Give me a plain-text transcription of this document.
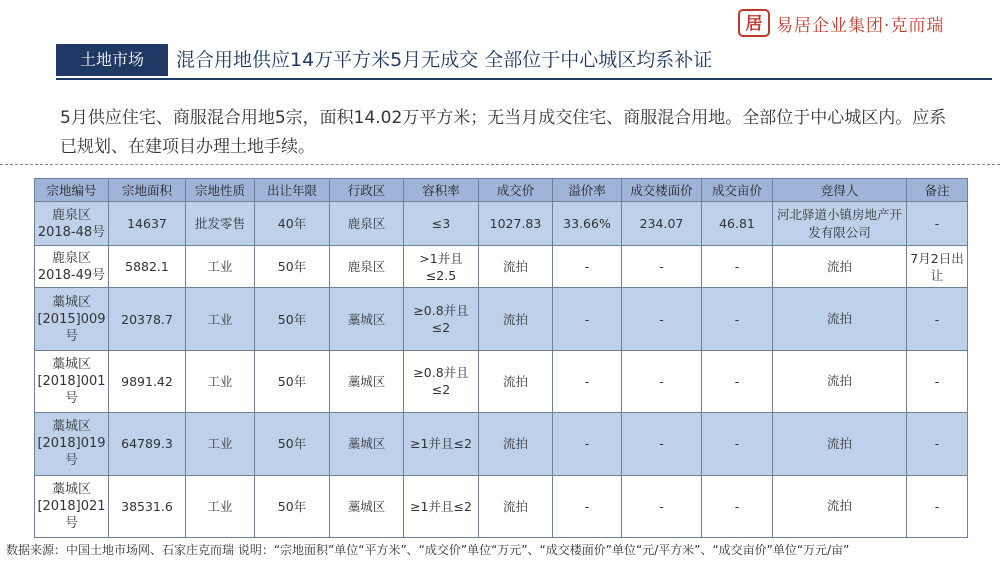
居 易居企业集团·克而瑞
土地市场	混合用地供应14万平方米5月无成交 全部位于中心城区均系补证
5月供应住宅、商服混合用地5宗，面积14.02万平方米；无当月成交住宅、商服混合用地。全部位于中心城区内。应系已规划、在建项目办理土地手续。
宗地编号	宗地面积	宗地性质	出让年限	行政区	容积率	成交价	溢价率	成交楼面价	成交亩价	竞得人	备注
鹿泉区2018-48号	14637	批发零售	40年	鹿泉区	≤3	1027.83	33.66%	234.07	46.81	河北驿道小镇房地产开发有限公司	-
鹿泉区2018-49号	5882.1	工业	50年	鹿泉区	>1并且≤2.5	流拍	-	-	-	流拍	7月2日出让
藁城区[2015]009号	20378.7	工业	50年	藁城区	≥0.8并且≤2	流拍	-	-	-	流拍	-
藁城区[2018]001号	9891.42	工业	50年	藁城区	≥0.8并且≤2	流拍	-	-	-	流拍	-
藁城区[2018]019号	64789.3	工业	50年	藁城区	≥1并且≤2	流拍	-	-	-	流拍	-
藁城区[2018]021号	38531.6	工业	50年	藁城区	≥1并且≤2	流拍	-	-	-	流拍	-
数据来源：中国土地市场网、石家庄克而瑞 说明：“宗地面积”单位“平方米”、“成交价”单位“万元”、“成交楼面价”单位“元/平方米”、“成交亩价”单位“万元/亩”
